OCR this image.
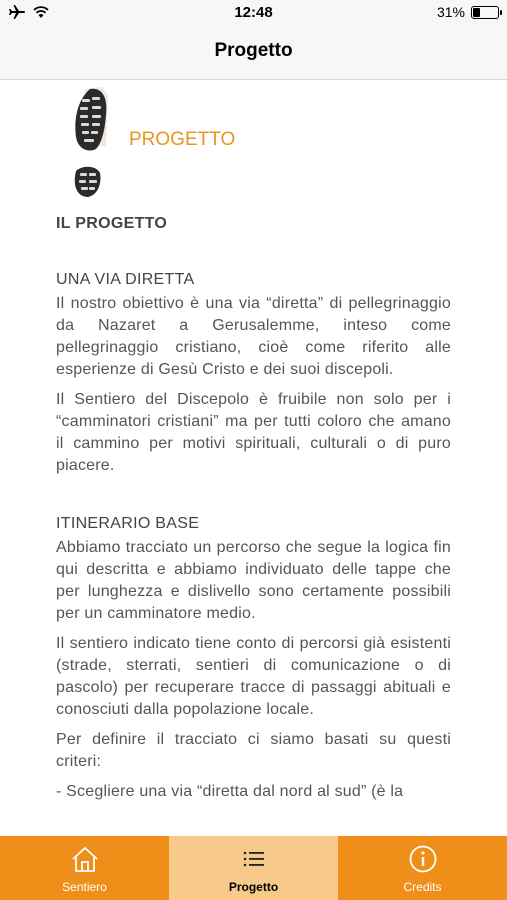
12:48	31%
Progetto
PROGETTO
IL PROGETTO
UNA VIA DIRETTA

Il nostro obiettivo è una via “diretta” di pellegrinaggio da Nazaret a Gerusalemme, inteso come pellegrinaggio cristiano, cioè come riferito alle esperienze di Gesù Cristo e dei suoi discepoli.

Il Sentiero del Discepolo è fruibile non solo per i “camminatori cristiani” ma per tutti coloro che amano il cammino per motivi spirituali, culturali o di puro piacere.

ITINERARIO BASE

Abbiamo tracciato un percorso che segue la logica fin qui descritta e abbiamo individuato delle tappe che per lunghezza e dislivello sono certamente possibili per un camminatore medio.

Il sentiero indicato tiene conto di percorsi già esistenti (strade, sterrati, sentieri di comunicazione o di pascolo) per recuperare tracce di passaggi abituali e conosciuti dalla popolazione locale.

Per definire il tracciato ci siamo basati su questi criteri:

- Scegliere una via “diretta dal nord al sud” (è la

Sentiero	Progetto	Credits
